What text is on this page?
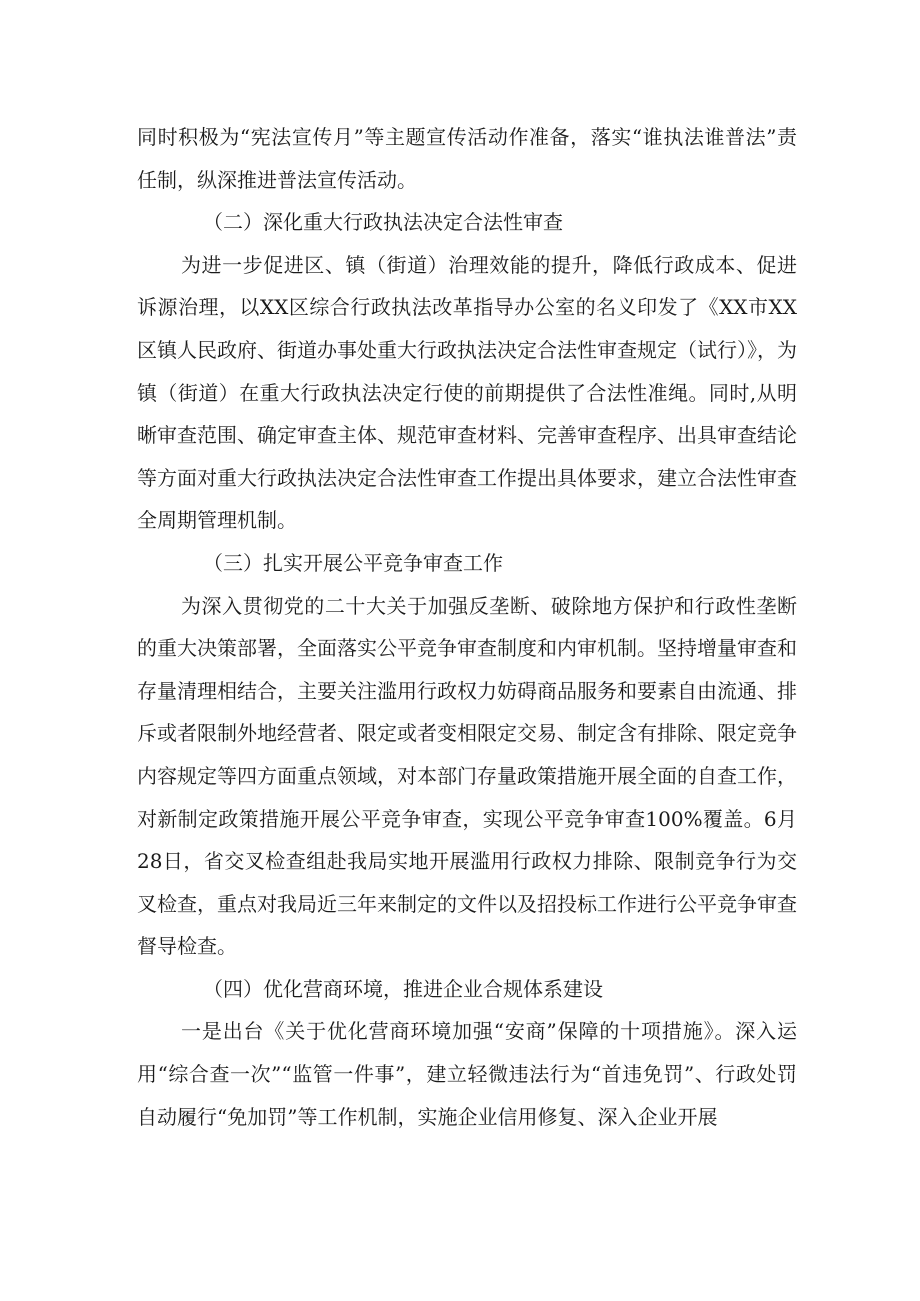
同时积极为“宪法宣传月”等主题宣传活动作准备，落实“谁执法谁普法”责任制，纵深推进普法宣传活动。

（二）深化重大行政执法决定合法性审查

为进一步促进区、镇（街道）治理效能的提升，降低行政成本、促进诉源治理，以XX区综合行政执法改革指导办公室的名义印发了《XX市XX区镇人民政府、街道办事处重大行政执法决定合法性审查规定（试行）》，为镇（街道）在重大行政执法决定行使的前期提供了合法性准绳。同时,从明晰审查范围、确定审查主体、规范审查材料、完善审查程序、出具审查结论等方面对重大行政执法决定合法性审查工作提出具体要求，建立合法性审查全周期管理机制。

（三）扎实开展公平竞争审查工作

为深入贯彻党的二十大关于加强反垄断、破除地方保护和行政性垄断的重大决策部署，全面落实公平竞争审查制度和内审机制。坚持增量审查和存量清理相结合，主要关注滥用行政权力妨碍商品服务和要素自由流通、排斥或者限制外地经营者、限定或者变相限定交易、制定含有排除、限定竞争内容规定等四方面重点领域，对本部门存量政策措施开展全面的自查工作，对新制定政策措施开展公平竞争审查，实现公平竞争审查100%覆盖。6月28日，省交叉检查组赴我局实地开展滥用行政权力排除、限制竞争行为交叉检查，重点对我局近三年来制定的文件以及招投标工作进行公平竞争审查督导检查。

（四）优化营商环境，推进企业合规体系建设

一是出台《关于优化营商环境加强“安商”保障的十项措施》。深入运用“综合查一次”“监管一件事”，建立轻微违法行为“首违免罚”、行政处罚自动履行“免加罚”等工作机制，实施企业信用修复、深入企业开展
